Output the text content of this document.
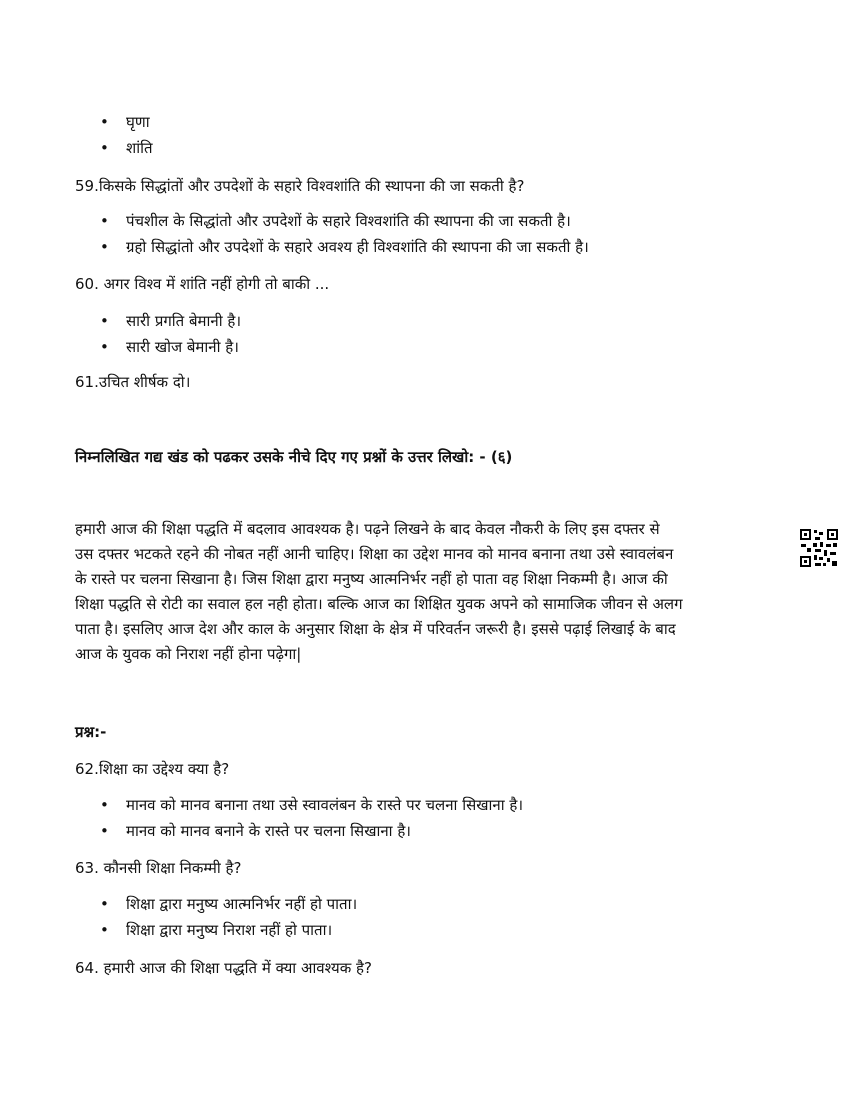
• घृणा
• शांति
59.किसके सिद्धांतों और उपदेशों के सहारे विश्वशांति की स्थापना की जा सकती है?
• पंचशील के सिद्धांतो और उपदेशों के सहारे विश्वशांति की स्थापना की जा सकती है।
• ग्रहो सिद्धांतो और उपदेशों के सहारे अवश्य ही विश्वशांति की स्थापना की जा सकती है।
60. अगर विश्व में शांति नहीं होगी तो बाकी ...
• सारी प्रगति बेमानी है।
• सारी खोज बेमानी है।
61.उचित शीर्षक दो।
निम्नलिखित गद्य खंड को पढकर उसके नीचे दिए गए प्रश्नों के उत्तर लिखो: - (६)
हमारी आज की शिक्षा पद्धति में बदलाव आवश्यक है। पढ़ने लिखने के बाद केवल नौकरी के लिए इस दफ्तर से
उस दफ्तर भटकते रहने की नोबत नहीं आनी चाहिए। शिक्षा का उद्देश मानव को मानव बनाना तथा उसे स्वावलंबन
के रास्ते पर चलना सिखाना है। जिस शिक्षा द्वारा मनुष्य आत्मनिर्भर नहीं हो पाता वह शिक्षा निकम्मी है। आज की
शिक्षा पद्धति से रोटी का सवाल हल नही होता। बल्कि आज का शिक्षित युवक अपने को सामाजिक जीवन से अलग
पाता है। इसलिए आज देश और काल के अनुसार शिक्षा के क्षेत्र में परिवर्तन जरूरी है। इससे पढ़ाई लिखाई के बाद
आज के युवक को निराश नहीं होना पढ़ेगा|
प्रश्न:-
62.शिक्षा का उद्देश्य क्या है?
• मानव को मानव बनाना तथा उसे स्वावलंबन के रास्ते पर चलना सिखाना है।
• मानव को मानव बनाने के रास्ते पर चलना सिखाना है।
63. कौनसी शिक्षा निकम्मी है?
• शिक्षा द्वारा मनुष्य आत्मनिर्भर नहीं हो पाता।
• शिक्षा द्वारा मनुष्य निराश नहीं हो पाता।
64. हमारी आज की शिक्षा पद्धति में क्या आवश्यक है?
